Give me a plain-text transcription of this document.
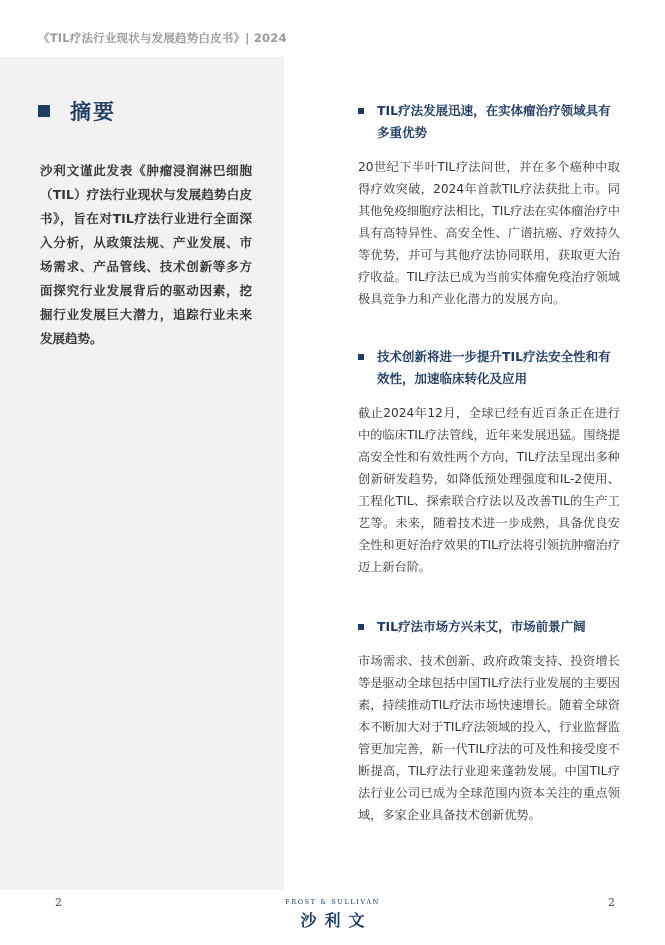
《TIL疗法行业现状与发展趋势白皮书》| 2024
摘要

沙利文谨此发表《肿瘤浸润淋巴细胞（TIL）疗法行业现状与发展趋势白皮书》，旨在对TIL疗法行业进行全面深入分析，从政策法规、产业发展、市场需求、产品管线、技术创新等多方面探究行业发展背后的驱动因素，挖掘行业发展巨大潜力，追踪行业未来发展趋势。

TIL疗法发展迅速，在实体瘤治疗领域具有多重优势

20世纪下半叶TIL疗法问世，并在多个癌种中取得疗效突破，2024年首款TIL疗法获批上市。同其他免疫细胞疗法相比，TIL疗法在实体瘤治疗中具有高特异性、高安全性、广谱抗癌、疗效持久等优势，并可与其他疗法协同联用，获取更大治疗收益。TIL疗法已成为当前实体瘤免疫治疗领域极具竞争力和产业化潜力的发展方向。

技术创新将进一步提升TIL疗法安全性和有效性，加速临床转化及应用

截止2024年12月，全球已经有近百条正在进行中的临床TIL疗法管线，近年来发展迅猛。围绕提高安全性和有效性两个方向，TIL疗法呈现出多种创新研发趋势，如降低预处理强度和IL-2使用、工程化TIL、探索联合疗法以及改善TIL的生产工艺等。未来，随着技术进一步成熟，具备优良安全性和更好治疗效果的TIL疗法将引领抗肿瘤治疗迈上新台阶。

TIL疗法市场方兴未艾，市场前景广阔

市场需求、技术创新、政府政策支持、投资增长等是驱动全球包括中国TIL疗法行业发展的主要因素，持续推动TIL疗法市场快速增长。随着全球资本不断加大对于TIL疗法领域的投入，行业监督监管更加完善，新一代TIL疗法的可及性和接受度不断提高，TIL疗法行业迎来蓬勃发展。中国TIL疗法行业公司已成为全球范围内资本关注的重点领域，多家企业具备技术创新优势。

2	2
FROST & SULLIVAN
沙利文
